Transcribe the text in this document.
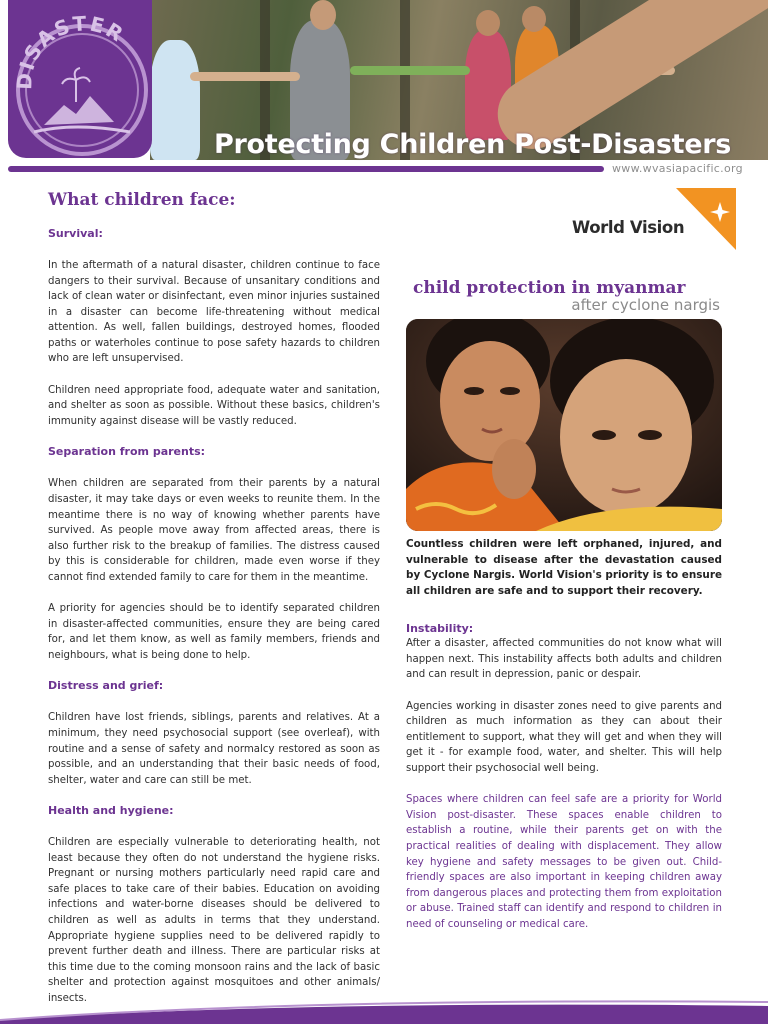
DISASTER
Protecting Children Post-Disasters
www.wvasiapacific.org
What children face:
Survival:

In the aftermath of a natural disaster, children continue to face dangers to their survival. Because of unsanitary conditions and lack of clean water or disinfectant, even minor injuries sustained in a disaster can become life-threatening without medical attention. As well, fallen buildings, destroyed homes, flooded paths or waterholes continue to pose safety hazards to children who are left unsupervised.

Children need appropriate food, adequate water and sanitation, and shelter as soon as possible. Without these basics, children's immunity against disease will be vastly reduced.

Separation from parents:

When children are separated from their parents by a natural disaster, it may take days or even weeks to reunite them. In the meantime there is no way of knowing whether parents have survived. As people move away from affected areas, there is also further risk to the breakup of families. The distress caused by this is considerable for children, made even worse if they cannot find extended family to care for them in the meantime.

A priority for agencies should be to identify separated children in disaster-affected communities, ensure they are being cared for, and let them know, as well as family members, friends and neighbours, what is being done to help.

Distress and grief:

Children have lost friends, siblings, parents and relatives. At a minimum, they need psychosocial support (see overleaf), with routine and a sense of safety and normalcy restored as soon as possible, and an understanding that their basic needs of food, shelter, water and care can still be met.

Health and hygiene:

Children are especially vulnerable to deteriorating health, not least because they often do not understand the hygiene risks. Pregnant or nursing mothers particularly need rapid care and safe places to take care of their babies. Education on avoiding infections and water-borne diseases should be delivered to children as well as adults in terms that they understand. Appropriate hygiene supplies need to be delivered rapidly to prevent further death and illness. There are particular risks at this time due to the coming monsoon rains and the lack of basic shelter and protection against mosquitoes and other animals/ insects.

World Vision
child protection in myanmar
after cyclone nargis
Countless children were left orphaned, injured, and vulnerable to disease after the devastation caused by Cyclone Nargis. World Vision's priority is to ensure all children are safe and to support their recovery.
Instability:

After a disaster, affected communities do not know what will happen next. This instability affects both adults and children and can result in depression, panic or despair.

Agencies working in disaster zones need to give parents and children as much information as they can about their entitlement to support, what they will get and when they will get it - for example food, water, and shelter. This will help support their psychosocial well being.

Spaces where children can feel safe are a priority for World Vision post-disaster. These spaces enable children to establish a routine, while their parents get on with the practical realities of dealing with displacement. They allow key hygiene and safety messages to be given out. Child-friendly spaces are also important in keeping children away from dangerous places and protecting them from exploitation or abuse. Trained staff can identify and respond to children in need of counseling or medical care.
